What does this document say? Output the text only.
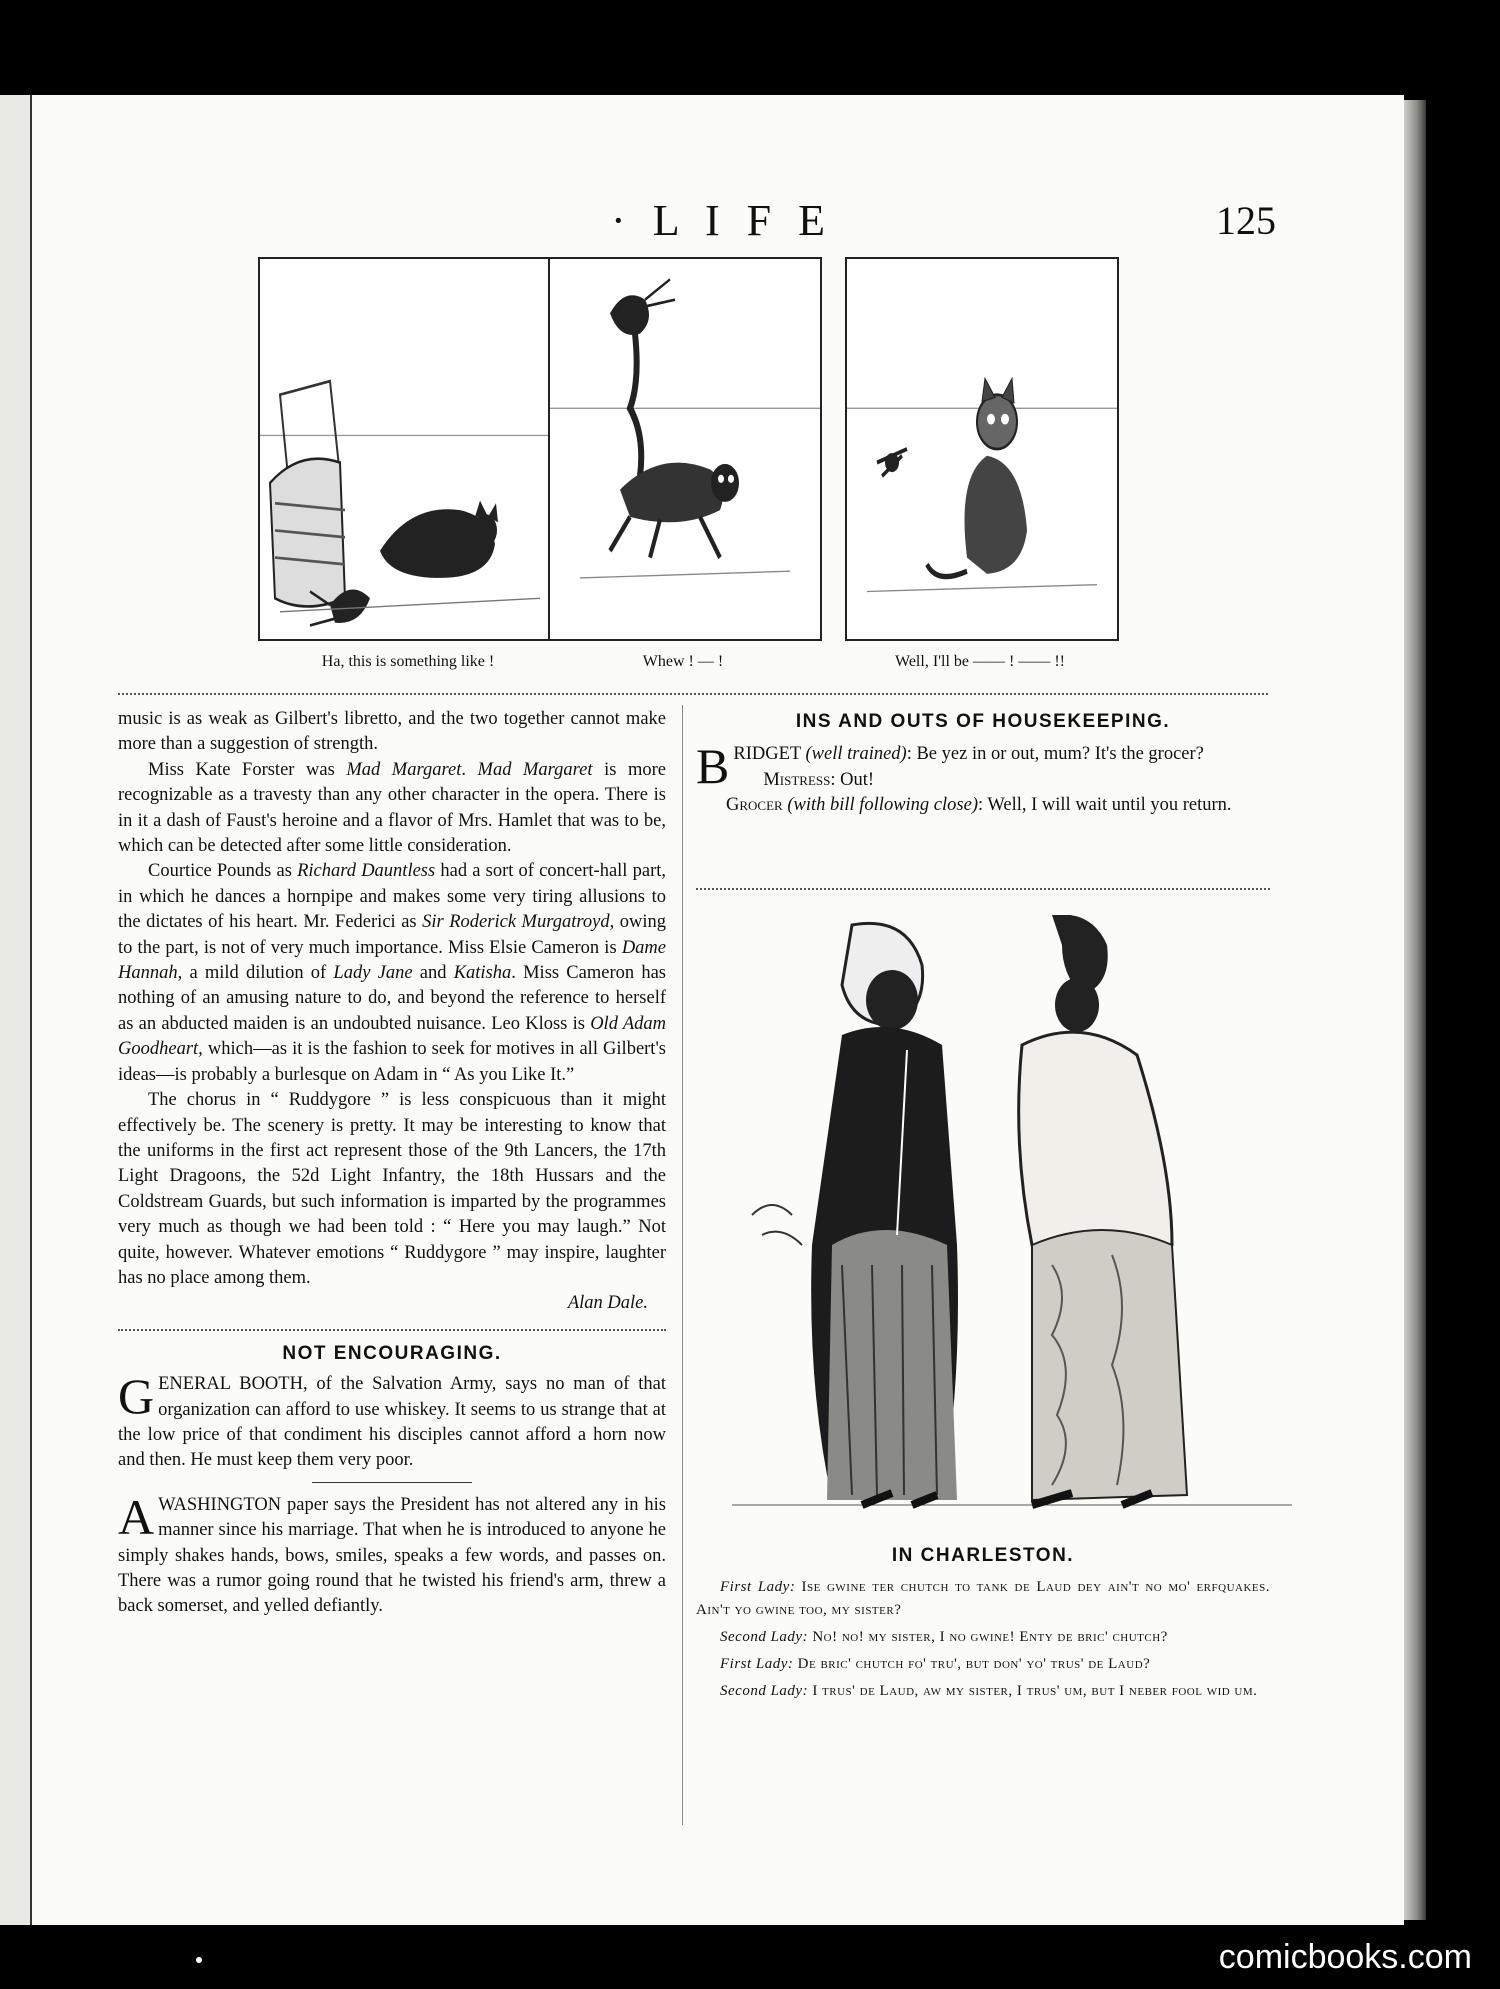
· L I F E	125
Ha, this is something like !	Whew ! — !	Well, I'll be —— ! —— !!

music is as weak as Gilbert's libretto, and the two together cannot make more than a suggestion of strength.

Miss Kate Forster was Mad Margaret. Mad Margaret is more recognizable as a travesty than any other character in the opera. There is in it a dash of Faust's heroine and a flavor of Mrs. Hamlet that was to be, which can be detected after some little consideration.

Courtice Pounds as Richard Dauntless had a sort of concert-hall part, in which he dances a hornpipe and makes some very tiring allusions to the dictates of his heart. Mr. Federici as Sir Roderick Murgatroyd, owing to the part, is not of very much importance. Miss Elsie Cameron is Dame Hannah, a mild dilution of Lady Jane and Katisha. Miss Cameron has nothing of an amusing nature to do, and beyond the reference to herself as an abducted maiden is an undoubted nuisance. Leo Kloss is Old Adam Goodheart, which—as it is the fashion to seek for motives in all Gilbert's ideas—is probably a burlesque on Adam in “ As you Like It.”

The chorus in “ Ruddygore ” is less conspicuous than it might effectively be. The scenery is pretty. It may be interesting to know that the uniforms in the first act represent those of the 9th Lancers, the 17th Light Dragoons, the 52d Light Infantry, the 18th Hussars and the Coldstream Guards, but such information is imparted by the programmes very much as though we had been told : “ Here you may laugh.” Not quite, however. Whatever emotions “ Ruddygore ” may inspire, laughter has no place among them.

Alan Dale.
NOT ENCOURAGING.

GENERAL BOOTH, of the Salvation Army, says no man of that organization can afford to use whiskey. It seems to us strange that at the low price of that condiment his disciples cannot afford a horn now and then. He must keep them very poor.

AWASHINGTON paper says the President has not altered any in his manner since his marriage. That when he is introduced to anyone he simply shakes hands, bows, smiles, speaks a few words, and passes on. There was a rumor going round that he twisted his friend's arm, threw a back somerset, and yelled defiantly.

INS AND OUTS OF HOUSEKEEPING.

BRIDGET (well trained): Be yez in or out, mum? It's the grocer?

Mistress: Out!

Grocer (with bill following close): Well, I will wait until you return.

IN CHARLESTON.

First Lady: Ise gwine ter chutch to tank de Laud dey ain't no mo' erfquakes. Ain't yo gwine too, my sister?

Second Lady: No! no! my sister, I no gwine! Enty de bric' chutch?

First Lady: De bric' chutch fo' tru', but don' yo' trus' de Laud?

Second Lady: I trus' de Laud, aw my sister, I trus' um, but I neber fool wid um.

comicbooks.com
